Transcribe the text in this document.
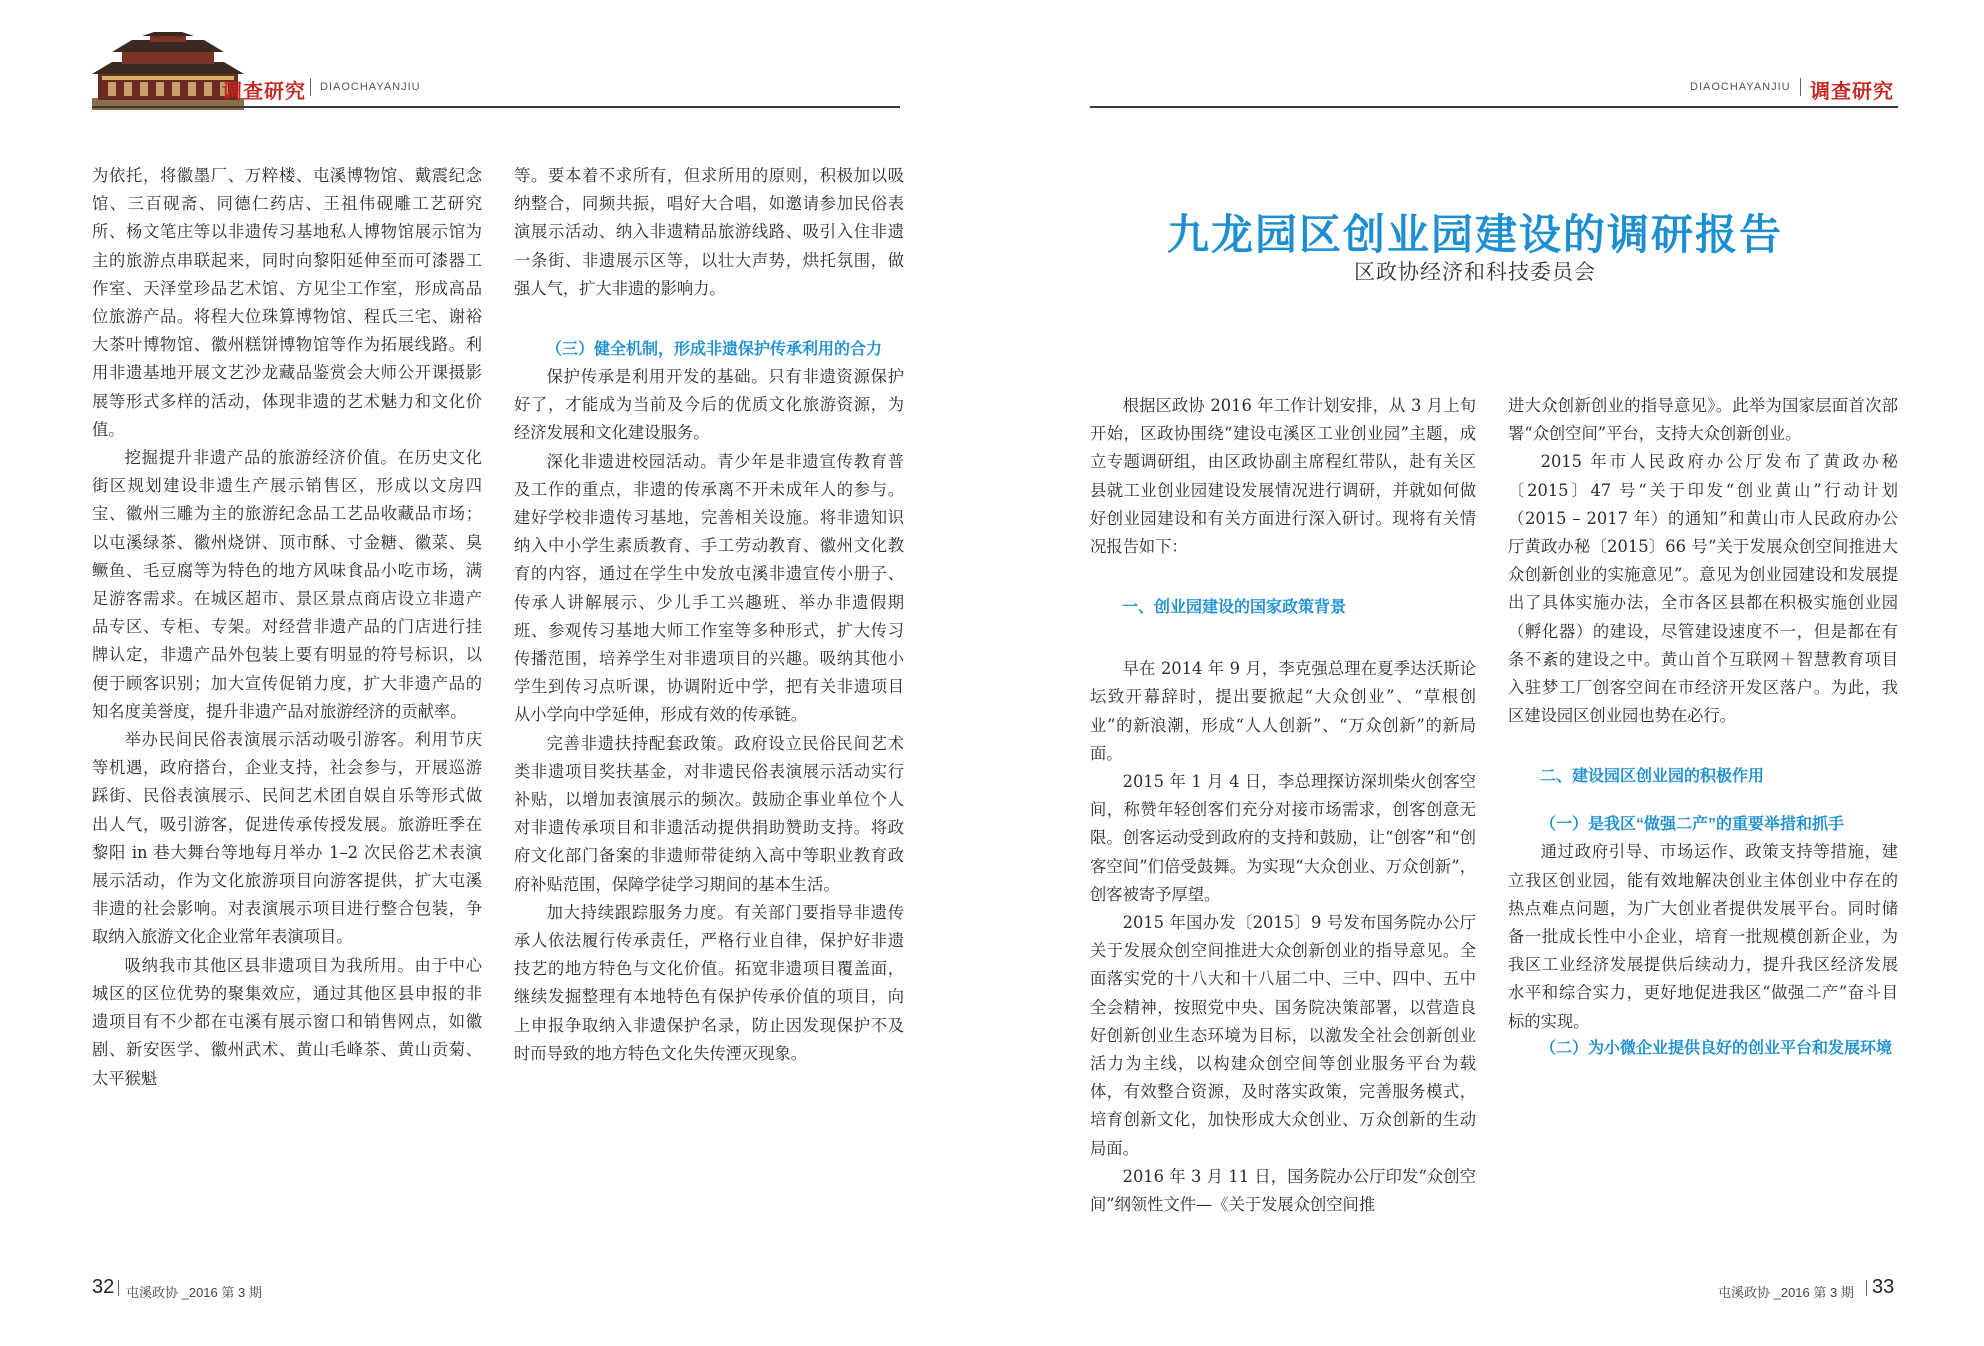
调查研究 DIAOCHAYANJIU	DIAOCHAYANJIU 调查研究

为依托，将徽墨厂、万粹楼、屯溪博物馆、戴震纪念馆、三百砚斋、同德仁药店、王祖伟砚雕工艺研究所、杨文笔庄等以非遗传习基地私人博物馆展示馆为主的旅游点串联起来，同时向黎阳延伸至而可漆器工作室、天泽堂珍品艺术馆、方见尘工作室，形成高品位旅游产品。将程大位珠算博物馆、程氏三宅、谢裕大茶叶博物馆、徽州糕饼博物馆等作为拓展线路。利用非遗基地开展文艺沙龙藏品鉴赏会大师公开课摄影展等形式多样的活动，体现非遗的艺术魅力和文化价值。

挖掘提升非遗产品的旅游经济价值。在历史文化街区规划建设非遗生产展示销售区，形成以文房四宝、徽州三雕为主的旅游纪念品工艺品收藏品市场；以屯溪绿茶、徽州烧饼、顶市酥、寸金糖、徽菜、臭鳜鱼、毛豆腐等为特色的地方风味食品小吃市场，满足游客需求。在城区超市、景区景点商店设立非遗产品专区、专柜、专架。对经营非遗产品的门店进行挂牌认定，非遗产品外包装上要有明显的符号标识，以便于顾客识别；加大宣传促销力度，扩大非遗产品的知名度美誉度，提升非遗产品对旅游经济的贡献率。

举办民间民俗表演展示活动吸引游客。利用节庆等机遇，政府搭台，企业支持，社会参与，开展巡游踩街、民俗表演展示、民间艺术团自娱自乐等形式做出人气，吸引游客，促进传承传授发展。旅游旺季在黎阳 in 巷大舞台等地每月举办 1–2 次民俗艺术表演展示活动，作为文化旅游项目向游客提供，扩大屯溪非遗的社会影响。对表演展示项目进行整合包装，争取纳入旅游文化企业常年表演项目。

吸纳我市其他区县非遗项目为我所用。由于中心城区的区位优势的聚集效应，通过其他区县申报的非遗项目有不少都在屯溪有展示窗口和销售网点，如徽剧、新安医学、徽州武术、黄山毛峰茶、黄山贡菊、太平猴魁

等。要本着不求所有，但求所用的原则，积极加以吸纳整合，同频共振，唱好大合唱，如邀请参加民俗表演展示活动、纳入非遗精品旅游线路、吸引入住非遗一条街、非遗展示区等，以壮大声势，烘托氛围，做强人气，扩大非遗的影响力。

（三）健全机制，形成非遗保护传承利用的合力

保护传承是利用开发的基础。只有非遗资源保护好了，才能成为当前及今后的优质文化旅游资源，为经济发展和文化建设服务。

深化非遗进校园活动。青少年是非遗宣传教育普及工作的重点，非遗的传承离不开未成年人的参与。建好学校非遗传习基地，完善相关设施。将非遗知识纳入中小学生素质教育、手工劳动教育、徽州文化教育的内容，通过在学生中发放屯溪非遗宣传小册子、传承人讲解展示、少儿手工兴趣班、举办非遗假期班、参观传习基地大师工作室等多种形式，扩大传习传播范围，培养学生对非遗项目的兴趣。吸纳其他小学生到传习点听课，协调附近中学，把有关非遗项目从小学向中学延伸，形成有效的传承链。

完善非遗扶持配套政策。政府设立民俗民间艺术类非遗项目奖扶基金，对非遗民俗表演展示活动实行补贴，以增加表演展示的频次。鼓励企事业单位个人对非遗传承项目和非遗活动提供捐助赞助支持。将政府文化部门备案的非遗师带徒纳入高中等职业教育政府补贴范围，保障学徒学习期间的基本生活。

加大持续跟踪服务力度。有关部门要指导非遗传承人依法履行传承责任，严格行业自律，保护好非遗技艺的地方特色与文化价值。拓宽非遗项目覆盖面，继续发掘整理有本地特色有保护传承价值的项目，向上申报争取纳入非遗保护名录，防止因发现保护不及时而导致的地方特色文化失传湮灭现象。

九龙园区创业园建设的调研报告
区政协经济和科技委员会

根据区政协 2016 年工作计划安排，从 3 月上旬开始，区政协围绕“建设屯溪区工业创业园”主题，成立专题调研组，由区政协副主席程红带队，赴有关区县就工业创业园建设发展情况进行调研，并就如何做好创业园建设和有关方面进行深入研讨。现将有关情况报告如下：

一、创业园建设的国家政策背景

早在 2014 年 9 月，李克强总理在夏季达沃斯论坛致开幕辞时，提出要掀起“大众创业”、“草根创业”的新浪潮，形成“人人创新”、“万众创新”的新局面。

2015 年 1 月 4 日，李总理探访深圳柴火创客空间，称赞年轻创客们充分对接市场需求，创客创意无限。创客运动受到政府的支持和鼓励，让“创客”和“创客空间”们倍受鼓舞。为实现“大众创业、万众创新”，创客被寄予厚望。

2015 年国办发〔2015〕9 号发布国务院办公厅关于发展众创空间推进大众创新创业的指导意见。全面落实党的十八大和十八届二中、三中、四中、五中全会精神，按照党中央、国务院决策部署，以营造良好创新创业生态环境为目标，以激发全社会创新创业活力为主线，以构建众创空间等创业服务平台为载体，有效整合资源，及时落实政策，完善服务模式，培育创新文化，加快形成大众创业、万众创新的生动局面。

2016 年 3 月 11 日，国务院办公厅印发“众创空间”纲领性文件—《关于发展众创空间推

进大众创新创业的指导意见》。此举为国家层面首次部署“众创空间”平台，支持大众创新创业。

2015 年市人民政府办公厅发布了黄政办秘〔2015〕47 号“关于印发“创业黄山”行动计划（2015 – 2017 年）的通知”和黄山市人民政府办公厅黄政办秘〔2015〕66 号“关于发展众创空间推进大众创新创业的实施意见”。意见为创业园建设和发展提出了具体实施办法，全市各区县都在积极实施创业园（孵化器）的建设，尽管建设速度不一，但是都在有条不紊的建设之中。黄山首个互联网＋智慧教育项目入驻梦工厂创客空间在市经济开发区落户。为此，我区建设园区创业园也势在必行。

二、建设园区创业园的积极作用

（一）是我区“做强二产”的重要举措和抓手

通过政府引导、市场运作、政策支持等措施，建立我区创业园，能有效地解决创业主体创业中存在的热点难点问题，为广大创业者提供发展平台。同时储备一批成长性中小企业，培育一批规模创新企业，为我区工业经济发展提供后续动力，提升我区经济发展水平和综合实力，更好地促进我区“做强二产”奋斗目标的实现。

（二）为小微企业提供良好的创业平台和发展环境

32 屯溪政协 _2016 第 3 期	屯溪政协 _2016 第 3 期 33
